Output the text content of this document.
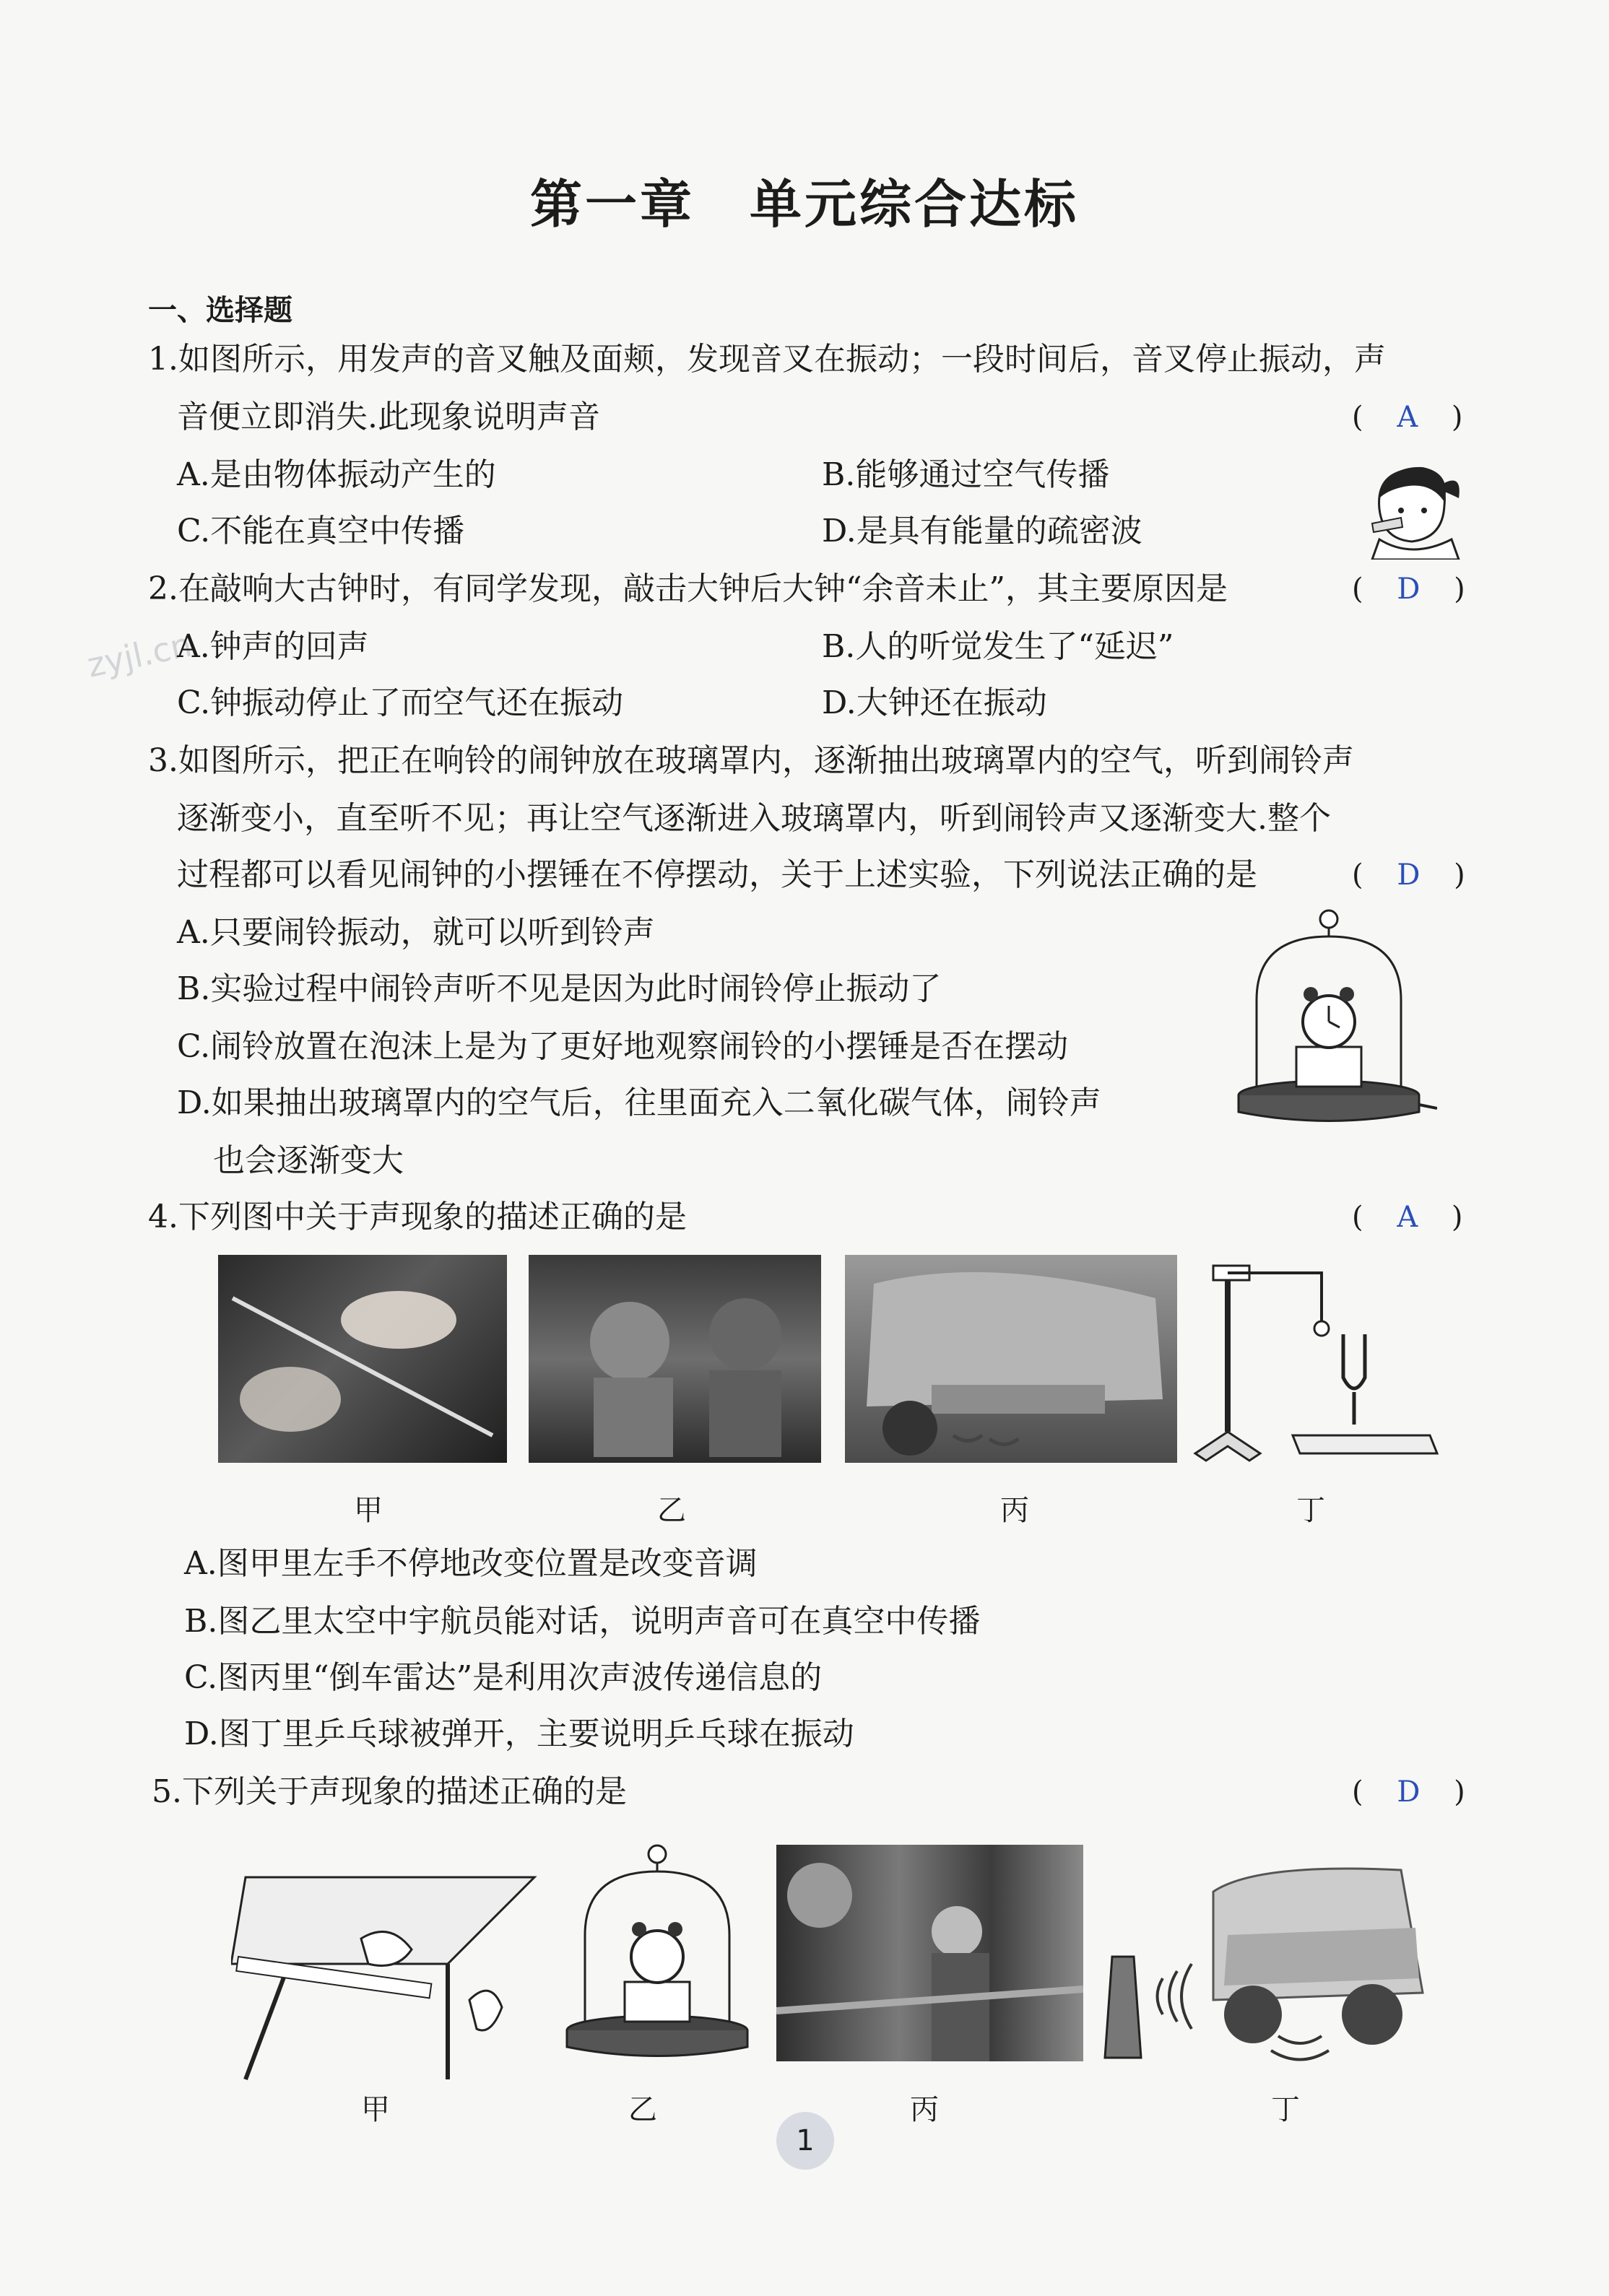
第一章　单元综合达标
一、选择题
zyjl.cn
1.如图所示，用发声的音叉触及面颊，发现音叉在振动；一段时间后，音叉停止振动，声
音便立即消失.此现象说明声音	( A )
A.是由物体振动产生的	B.能够通过空气传播
C.不能在真空中传播	D.是具有能量的疏密波
2.在敲响大古钟时，有同学发现，敲击大钟后大钟“余音未止”，其主要原因是	( D )
A.钟声的回声	B.人的听觉发生了“延迟”
C.钟振动停止了而空气还在振动	D.大钟还在振动
3.如图所示，把正在响铃的闹钟放在玻璃罩内，逐渐抽出玻璃罩内的空气，听到闹铃声
逐渐变小，直至听不见；再让空气逐渐进入玻璃罩内，听到闹铃声又逐渐变大.整个
过程都可以看见闹钟的小摆锤在不停摆动，关于上述实验，下列说法正确的是	( D )
A.只要闹铃振动，就可以听到铃声
B.实验过程中闹铃声听不见是因为此时闹铃停止振动了
C.闹铃放置在泡沫上是为了更好地观察闹铃的小摆锤是否在摆动
D.如果抽出玻璃罩内的空气后，往里面充入二氧化碳气体，闹铃声
也会逐渐变大
4.下列图中关于声现象的描述正确的是	( A )
甲	乙	丙	丁
A.图甲里左手不停地改变位置是改变音调
B.图乙里太空中宇航员能对话，说明声音可在真空中传播
C.图丙里“倒车雷达”是利用次声波传递信息的
D.图丁里乒乓球被弹开，主要说明乒乓球在振动
5.下列关于声现象的描述正确的是	( D )
甲	乙	丙	丁
1
